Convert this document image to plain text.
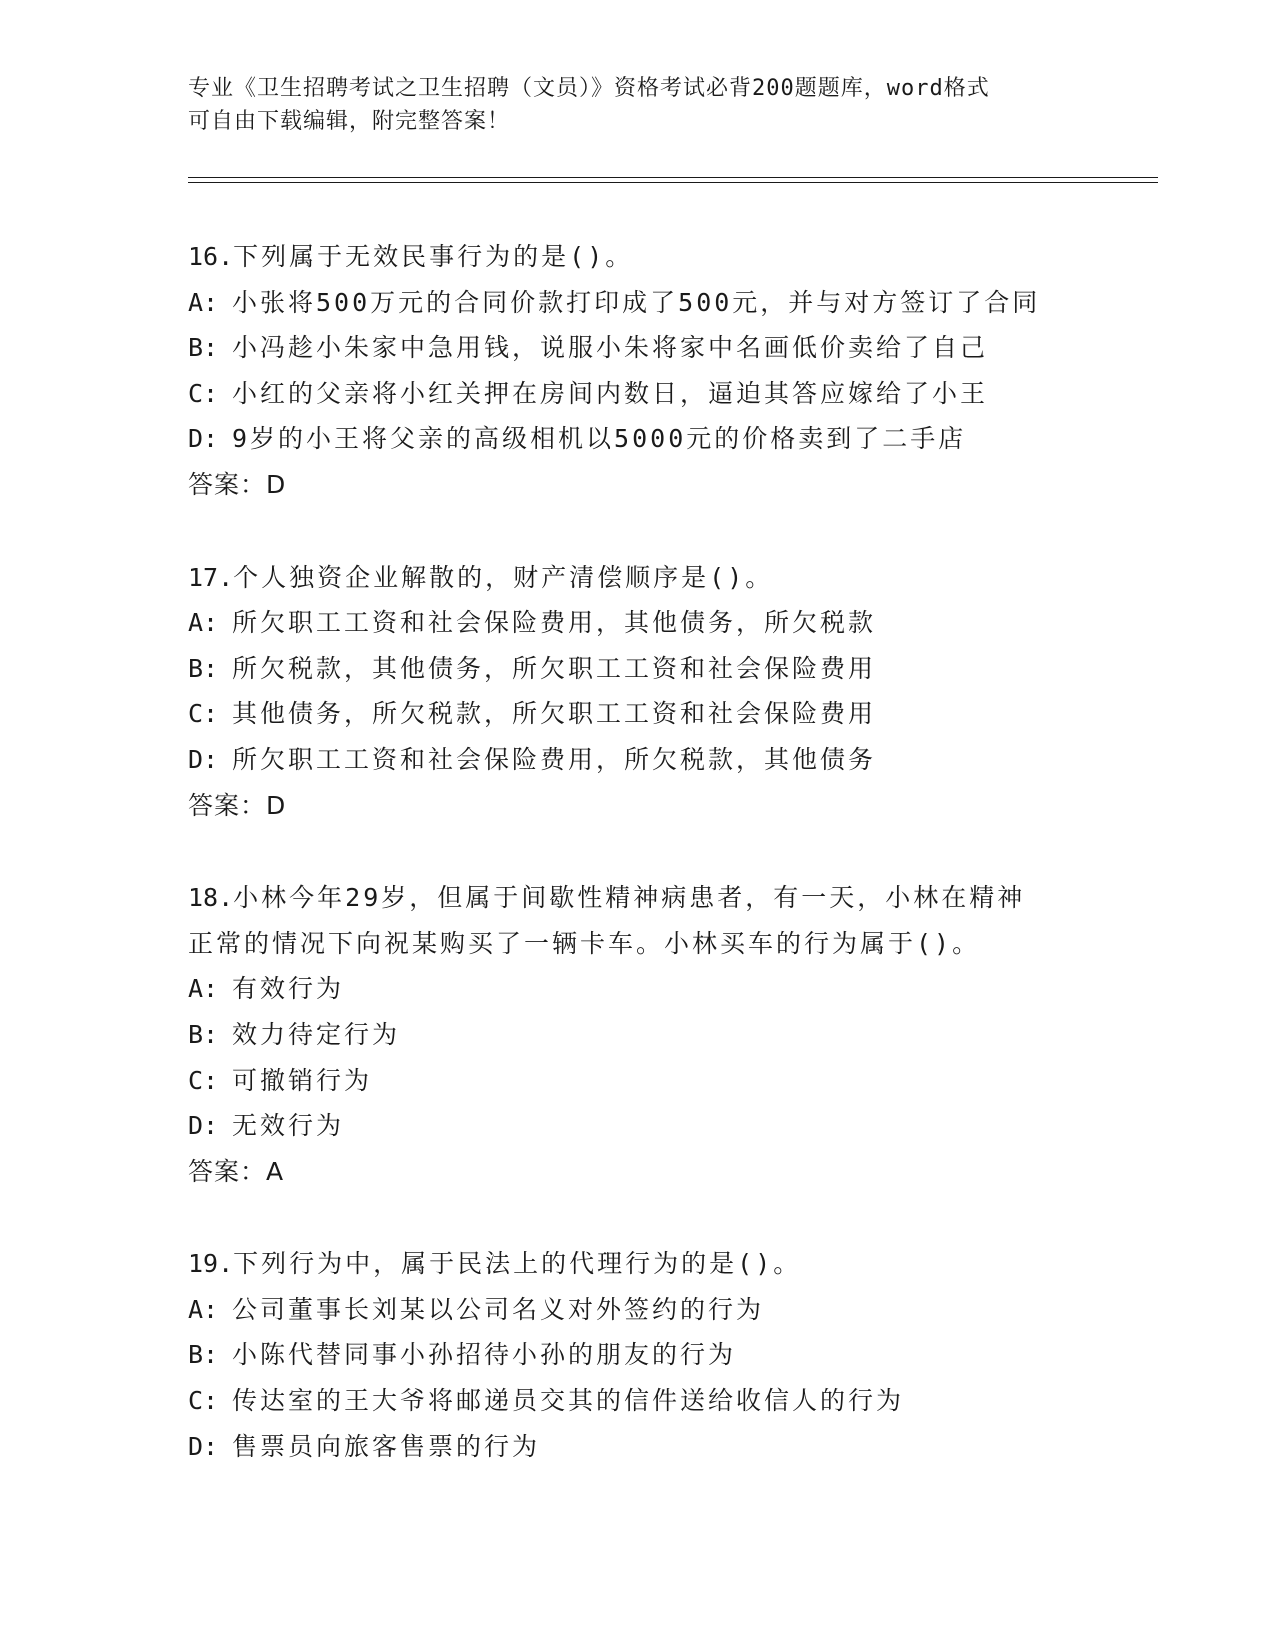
专业《卫生招聘考试之卫生招聘（文员）》资格考试必背200题题库，word格式
可自由下载编辑，附完整答案！
16.下列属于无效民事行为的是()。
A: 小张将500万元的合同价款打印成了500元，并与对方签订了合同
B: 小冯趁小朱家中急用钱，说服小朱将家中名画低价卖给了自己
C: 小红的父亲将小红关押在房间内数日，逼迫其答应嫁给了小王
D: 9岁的小王将父亲的高级相机以5000元的价格卖到了二手店
答案：D
17.个人独资企业解散的，财产清偿顺序是()。
A: 所欠职工工资和社会保险费用，其他债务，所欠税款
B: 所欠税款，其他债务，所欠职工工资和社会保险费用
C: 其他债务，所欠税款，所欠职工工资和社会保险费用
D: 所欠职工工资和社会保险费用，所欠税款，其他债务
答案：D
18.小林今年29岁，但属于间歇性精神病患者，有一天，小林在精神
正常的情况下向祝某购买了一辆卡车。小林买车的行为属于()。
A: 有效行为
B: 效力待定行为
C: 可撤销行为
D: 无效行为
答案：A
19.下列行为中，属于民法上的代理行为的是()。
A: 公司董事长刘某以公司名义对外签约的行为
B: 小陈代替同事小孙招待小孙的朋友的行为
C: 传达室的王大爷将邮递员交其的信件送给收信人的行为
D: 售票员向旅客售票的行为
